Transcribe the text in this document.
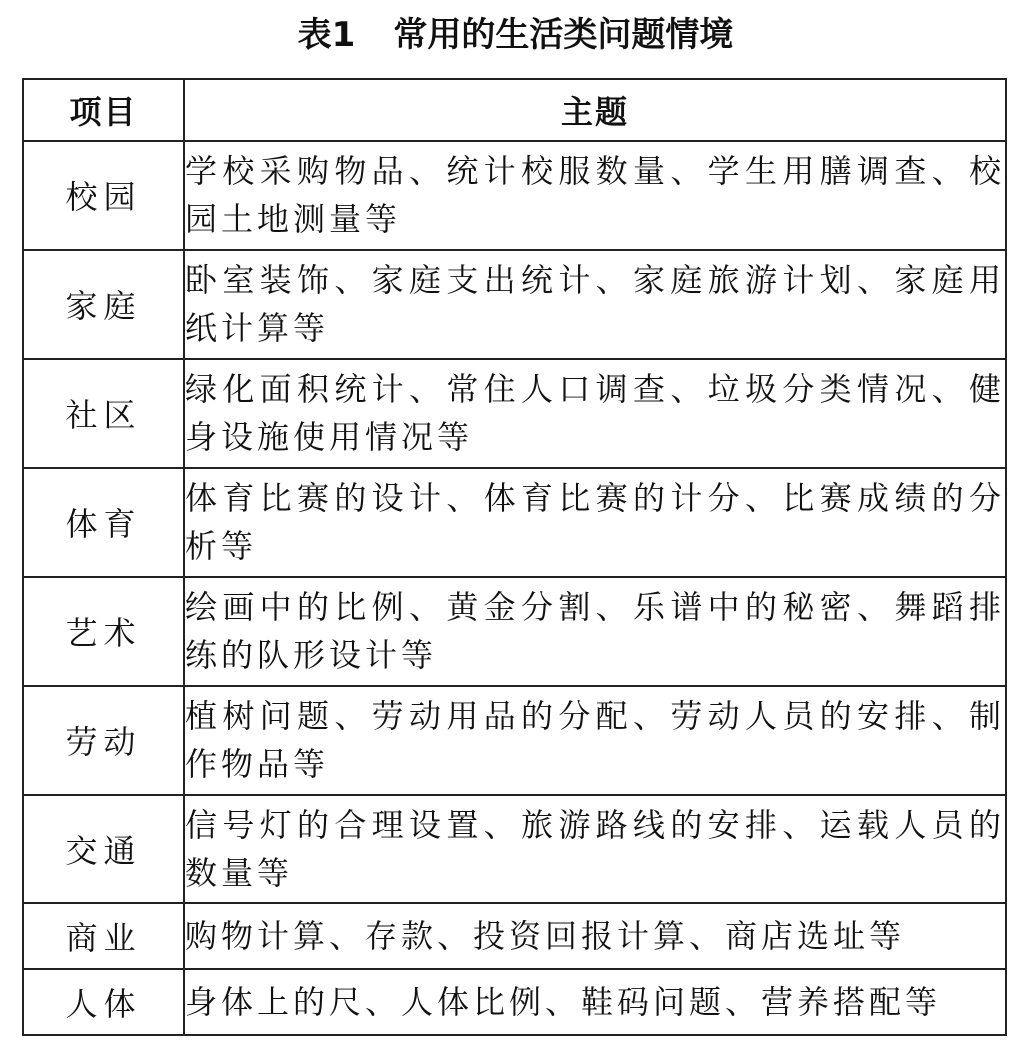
表1 常用的生活类问题情境
项目	主题
校园	学校采购物品、统计校服数量、学生用膳调查、校园土地测量等
家庭	卧室装饰、家庭支出统计、家庭旅游计划、家庭用纸计算等
社区	绿化面积统计、常住人口调查、垃圾分类情况、健身设施使用情况等
体育	体育比赛的设计、体育比赛的计分、比赛成绩的分析等
艺术	绘画中的比例、黄金分割、乐谱中的秘密、舞蹈排练的队形设计等
劳动	植树问题、劳动用品的分配、劳动人员的安排、制作物品等
交通	信号灯的合理设置、旅游路线的安排、运载人员的数量等
商业	购物计算、存款、投资回报计算、商店选址等
人体	身体上的尺、人体比例、鞋码问题、营养搭配等
